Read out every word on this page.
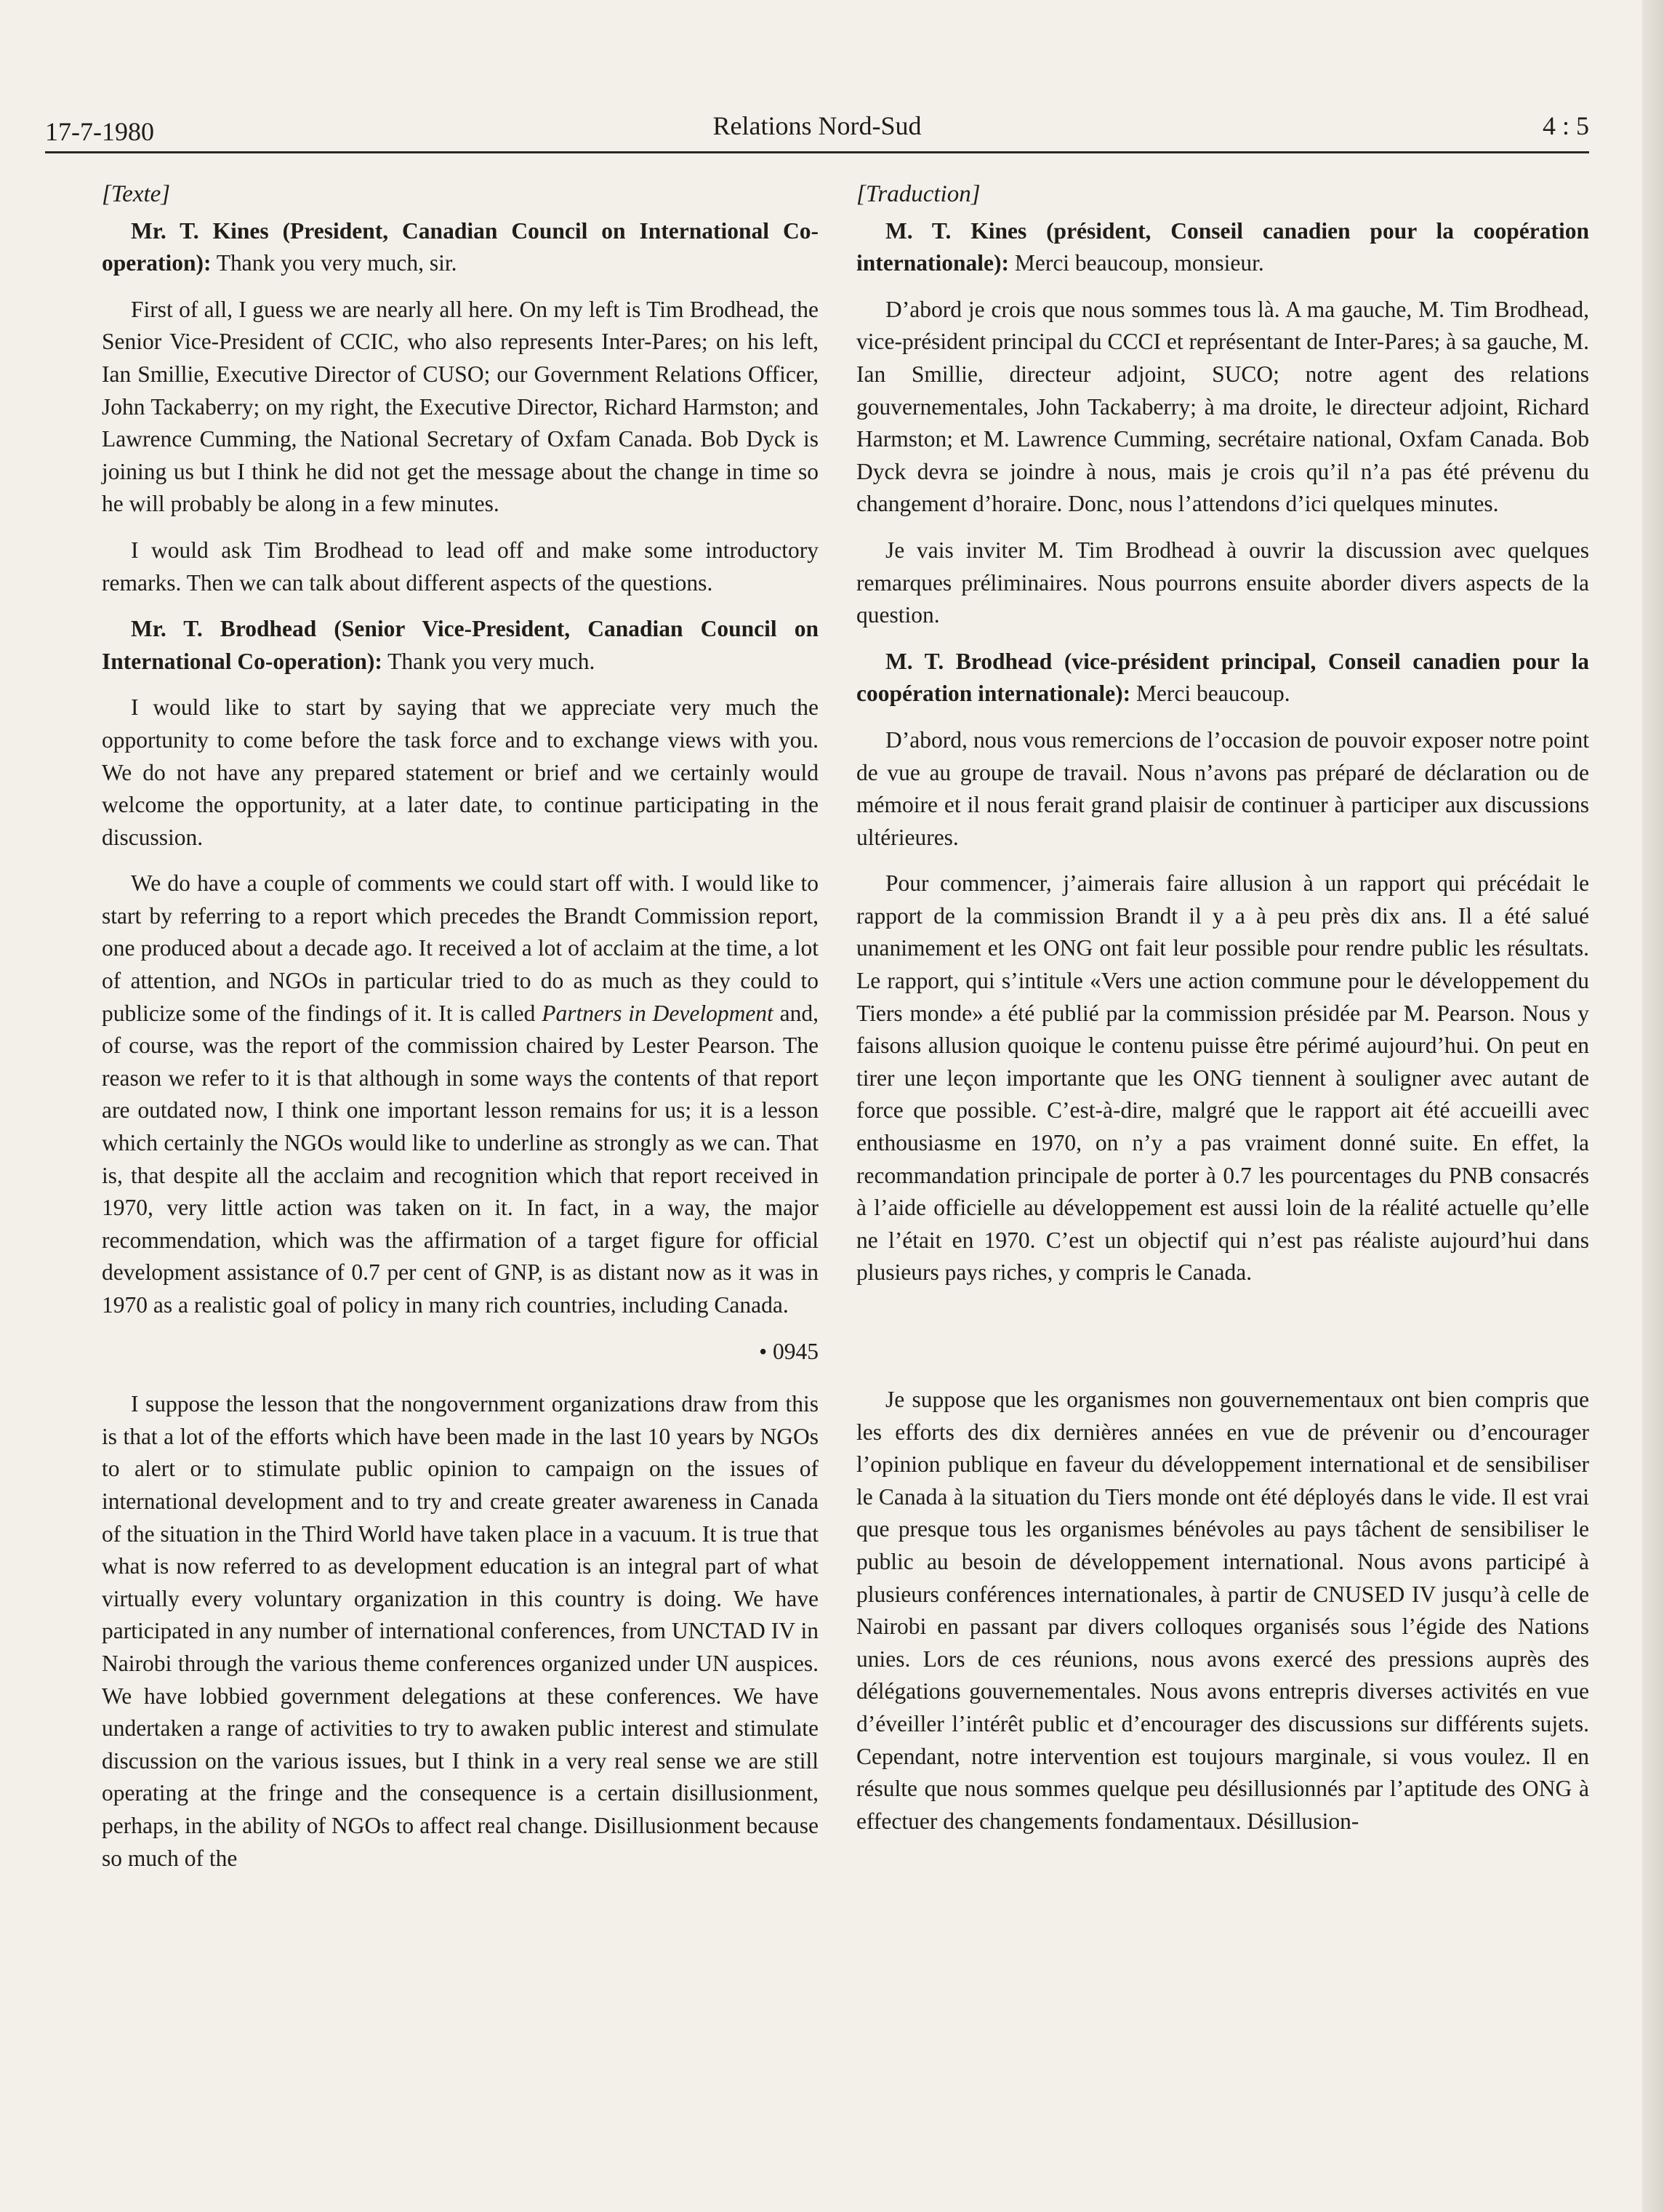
17-7-1980	Relations Nord-Sud	4 : 5

[Texte]

Mr. T. Kines (President, Canadian Council on International Co-operation): Thank you very much, sir.

First of all, I guess we are nearly all here. On my left is Tim Brodhead, the Senior Vice-President of CCIC, who also represents Inter-Pares; on his left, Ian Smillie, Executive Director of CUSO; our Government Relations Officer, John Tackaberry; on my right, the Executive Director, Richard Harmston; and Lawrence Cumming, the National Secretary of Oxfam Canada. Bob Dyck is joining us but I think he did not get the message about the change in time so he will probably be along in a few minutes.

I would ask Tim Brodhead to lead off and make some introductory remarks. Then we can talk about different aspects of the questions.

Mr. T. Brodhead (Senior Vice-President, Canadian Council on International Co-operation): Thank you very much.

I would like to start by saying that we appreciate very much the opportunity to come before the task force and to exchange views with you. We do not have any prepared statement or brief and we certainly would welcome the opportunity, at a later date, to continue participating in the discussion.

We do have a couple of comments we could start off with. I would like to start by referring to a report which precedes the Brandt Commission report, one produced about a decade ago. It received a lot of acclaim at the time, a lot of attention, and NGOs in particular tried to do as much as they could to publicize some of the findings of it. It is called Partners in Development and, of course, was the report of the commission chaired by Lester Pearson. The reason we refer to it is that although in some ways the contents of that report are outdated now, I think one important lesson remains for us; it is a lesson which certainly the NGOs would like to underline as strongly as we can. That is, that despite all the acclaim and recognition which that report received in 1970, very little action was taken on it. In fact, in a way, the major recommendation, which was the affirmation of a target figure for official development assistance of 0.7 per cent of GNP, is as distant now as it was in 1970 as a realistic goal of policy in many rich countries, including Canada.

• 0945

I suppose the lesson that the nongovernment organizations draw from this is that a lot of the efforts which have been made in the last 10 years by NGOs to alert or to stimulate public opinion to campaign on the issues of international development and to try and create greater awareness in Canada of the situation in the Third World have taken place in a vacuum. It is true that what is now referred to as development education is an integral part of what virtually every voluntary organization in this country is doing. We have participated in any number of international conferences, from UNCTAD IV in Nairobi through the various theme conferences organized under UN auspices. We have lobbied government delegations at these conferences. We have undertaken a range of activities to try to awaken public interest and stimulate discussion on the various issues, but I think in a very real sense we are still operating at the fringe and the consequence is a certain disillusionment, perhaps, in the ability of NGOs to affect real change. Disillusionment because so much of the

[Traduction]

M. T. Kines (président, Conseil canadien pour la coopération internationale): Merci beaucoup, monsieur.

D’abord je crois que nous sommes tous là. A ma gauche, M. Tim Brodhead, vice-président principal du CCCI et représentant de Inter-Pares; à sa gauche, M. Ian Smillie, directeur adjoint, SUCO; notre agent des relations gouvernementales, John Tackaberry; à ma droite, le directeur adjoint, Richard Harmston; et M. Lawrence Cumming, secrétaire national, Oxfam Canada. Bob Dyck devra se joindre à nous, mais je crois qu’il n’a pas été prévenu du changement d’horaire. Donc, nous l’attendons d’ici quelques minutes.

Je vais inviter M. Tim Brodhead à ouvrir la discussion avec quelques remarques préliminaires. Nous pourrons ensuite aborder divers aspects de la question.

M. T. Brodhead (vice-président principal, Conseil canadien pour la coopération internationale): Merci beaucoup.

D’abord, nous vous remercions de l’occasion de pouvoir exposer notre point de vue au groupe de travail. Nous n’avons pas préparé de déclaration ou de mémoire et il nous ferait grand plaisir de continuer à participer aux discussions ultérieures.

Pour commencer, j’aimerais faire allusion à un rapport qui précédait le rapport de la commission Brandt il y a à peu près dix ans. Il a été salué unanimement et les ONG ont fait leur possible pour rendre public les résultats. Le rapport, qui s’intitule «Vers une action commune pour le développement du Tiers monde» a été publié par la commission présidée par M. Pearson. Nous y faisons allusion quoique le contenu puisse être périmé aujourd’hui. On peut en tirer une leçon importante que les ONG tiennent à souligner avec autant de force que possible. C’est-à-dire, malgré que le rapport ait été accueilli avec enthousiasme en 1970, on n’y a pas vraiment donné suite. En effet, la recommandation principale de porter à 0.7 les pourcentages du PNB consacrés à l’aide officielle au développement est aussi loin de la réalité actuelle qu’elle ne l’était en 1970. C’est un objectif qui n’est pas réaliste aujourd’hui dans plusieurs pays riches, y compris le Canada.

Je suppose que les organismes non gouvernementaux ont bien compris que les efforts des dix dernières années en vue de prévenir ou d’encourager l’opinion publique en faveur du développement international et de sensibiliser le Canada à la situation du Tiers monde ont été déployés dans le vide. Il est vrai que presque tous les organismes bénévoles au pays tâchent de sensibiliser le public au besoin de développement international. Nous avons participé à plusieurs conférences internationales, à partir de CNUSED IV jusqu’à celle de Nairobi en passant par divers colloques organisés sous l’égide des Nations unies. Lors de ces réunions, nous avons exercé des pressions auprès des délégations gouvernementales. Nous avons entrepris diverses activités en vue d’éveiller l’intérêt public et d’encourager des discussions sur différents sujets. Cependant, notre intervention est toujours marginale, si vous voulez. Il en résulte que nous sommes quelque peu désillusionnés par l’aptitude des ONG à effectuer des changements fondamentaux. Désillusion-
